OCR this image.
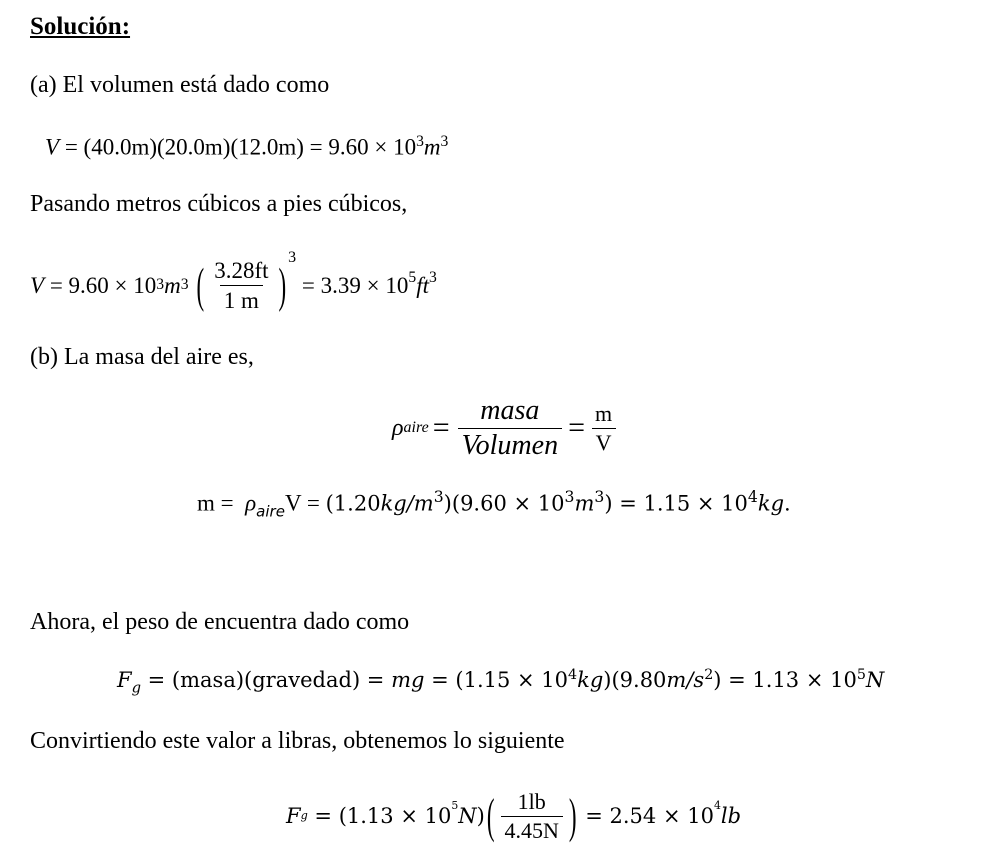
Solución:
(a) El volumen está dado como
$V = (40.0m)(20.0m)(12.0m) = 9.60 \times 10^3m^3$
Pasando metros cúbicos a pies cúbicos,
V
= 9.60 × 10 3 m 3 ( $\frac{3.28ft}{1 m}$ )
3

= 3.39 × 10 5 ft 3
(b) La masa del aire es,
ρ aire = $\frac{\text{masa}}{\text{Volumen}} = \frac{m}{V}$
$m = \rho_{aire}V = (1.20kg/m^3)(9.60 \times 10^3m^3) = 1.15 \times 10^4kg$.
Ahora, el peso de encuentra dado como
$F_g$ = (masa)(gravedad) = mg = $(1.15 \times 10^4kg)(9.80m/s^2) = 1.13 \times 10^5N$
Convirtiendo este valor a libras, obtenemos lo siguiente
F g = (1.13 × 10 5 N ) ( $\frac{1lb}{4.45N}$ ) = 2.54 × 10 4 lb
